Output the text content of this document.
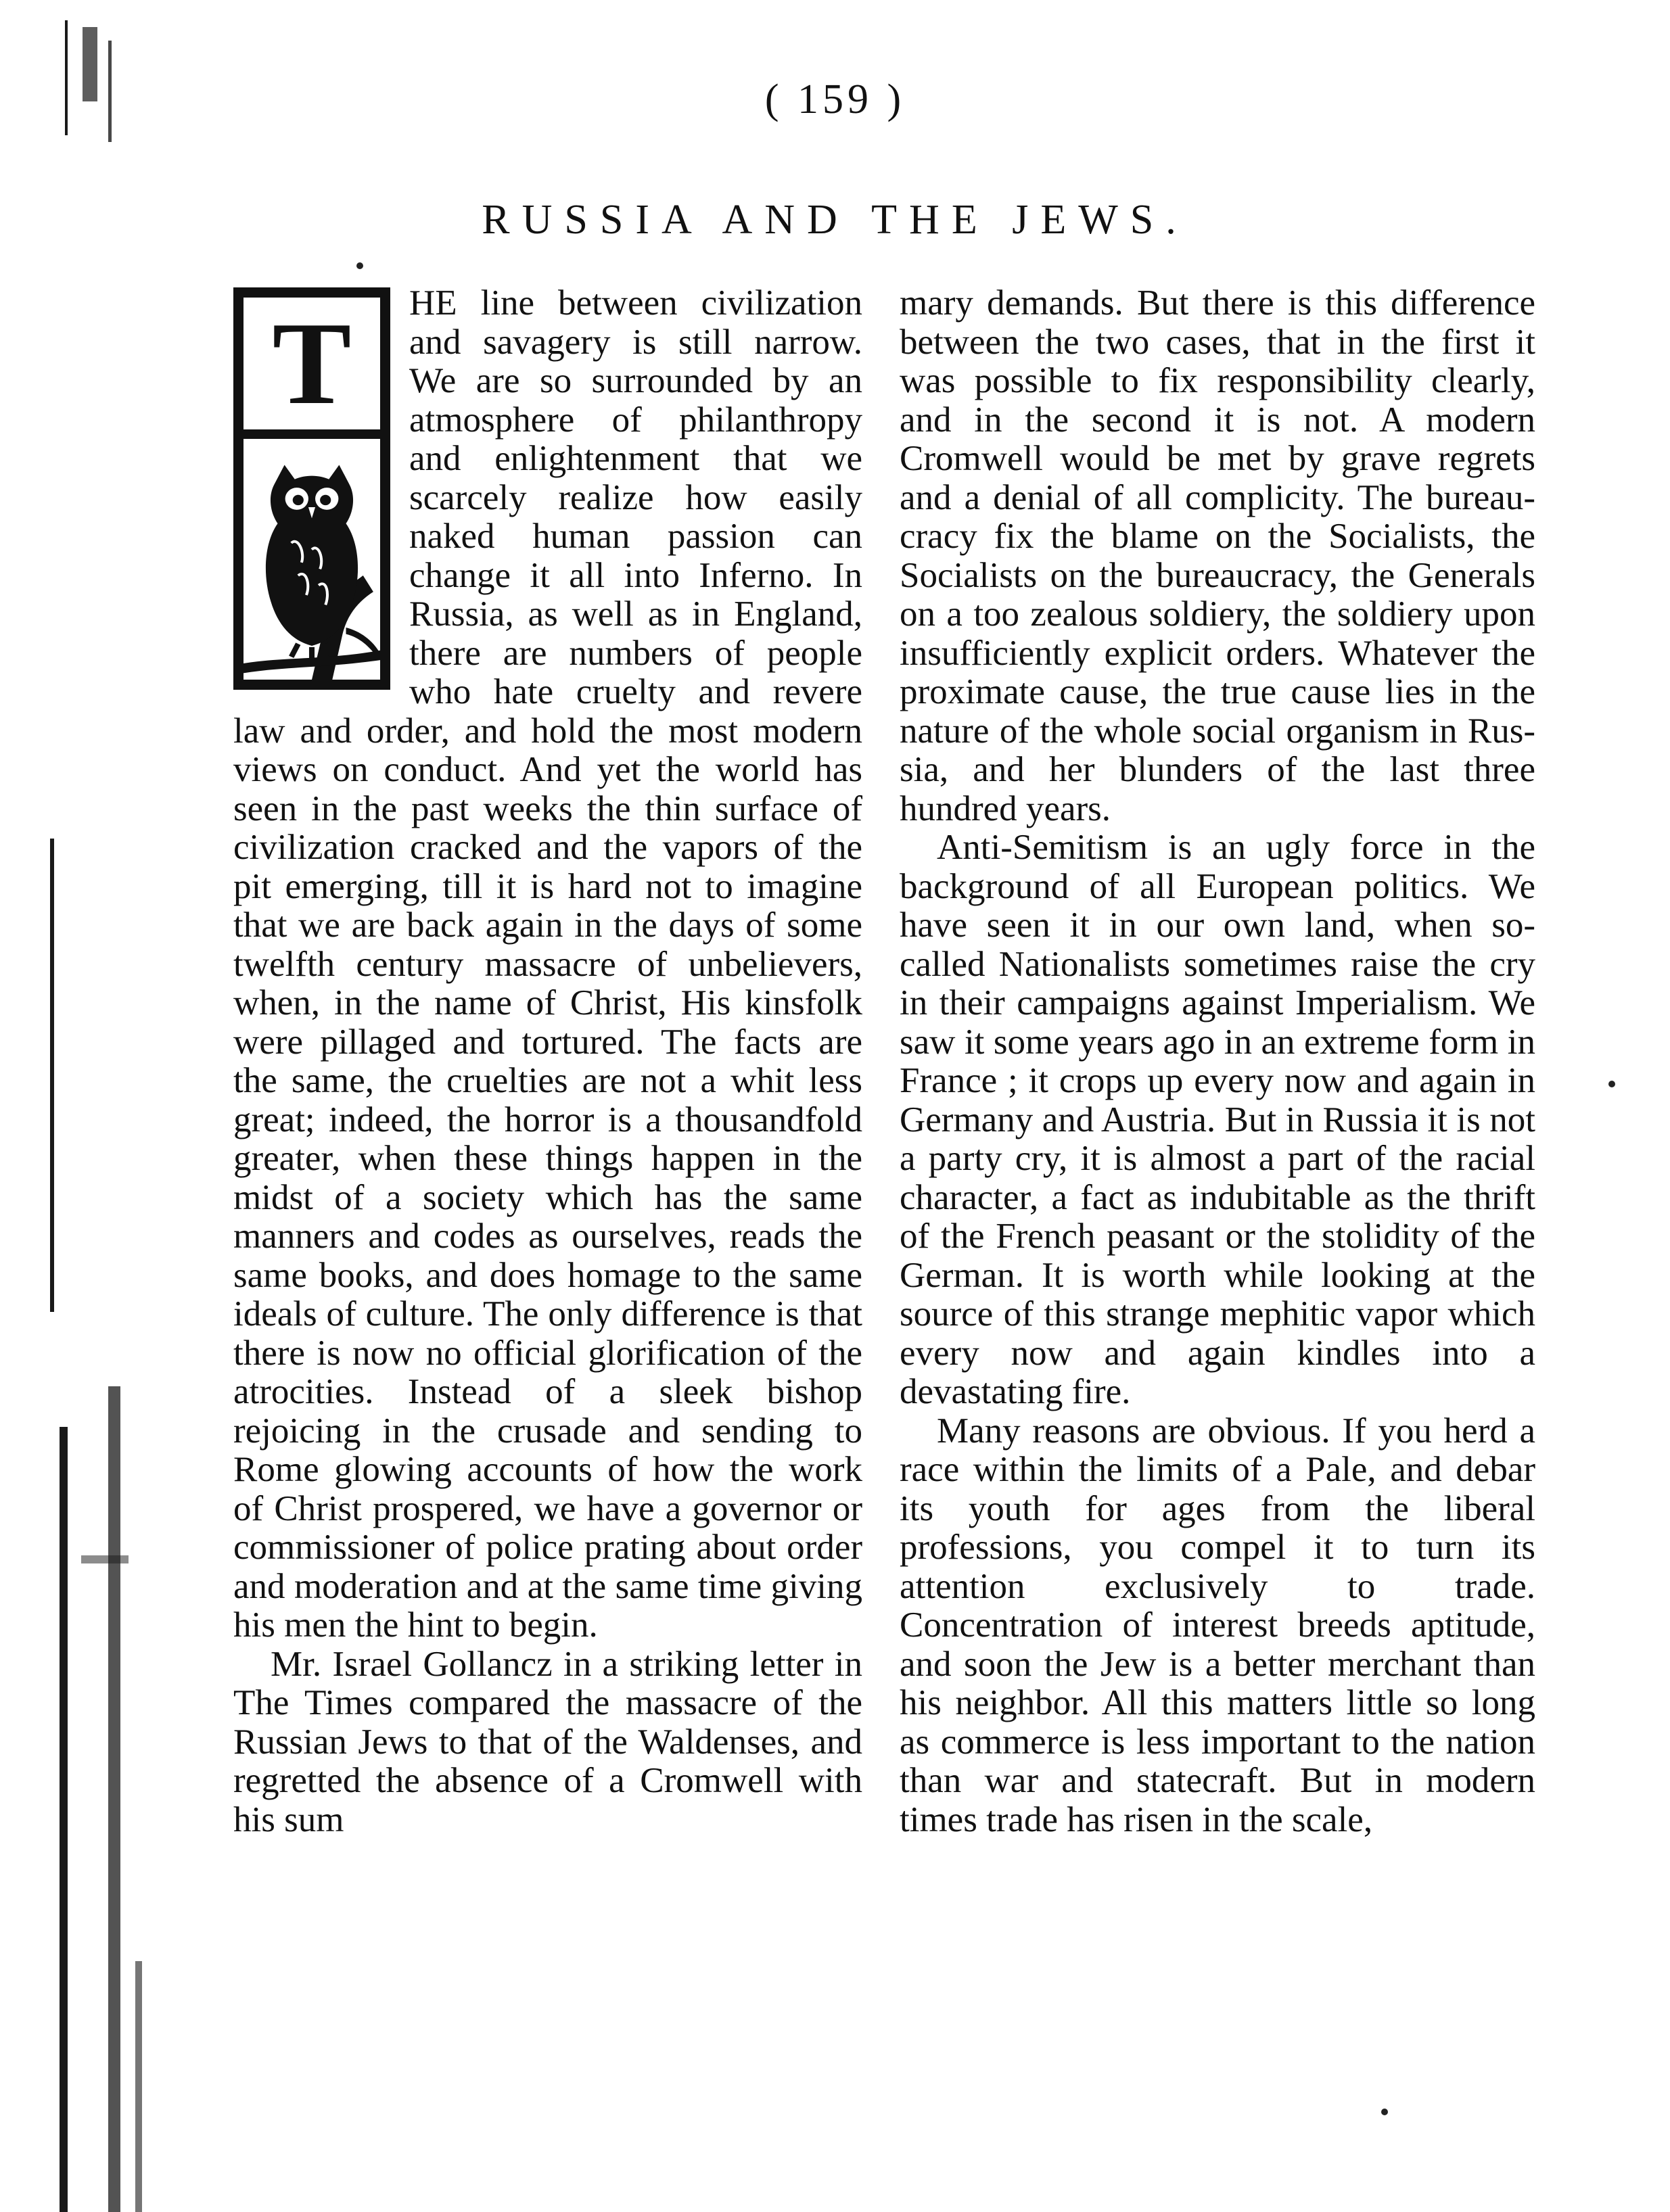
( 159 )
RUSSIA AND THE JEWS.
T	HE line between civilization and savagery is still narrow. We are so surrounded by an atmosphere of philanthropy and enlightenment that we scarcely realize how easily naked human passion can change it all into Inferno. In Russia, as well as in England, there are numbers of people who hate cruelty and revere law and order, and hold the most modern views on conduct. And yet the world has seen in the past weeks the thin surface of civilization cracked and the vapors of the pit emerging, till it is hard not to imagine that we are back again in the days of some twelfth century massacre of unbelievers, when, in the name of Christ, His kinsfolk were pillaged and tortured. The facts are the same, the cruelties are not a whit less great; indeed, the horror is a thousandfold greater, when these things happen in the midst of a society which has the same manners and codes as ourselves, reads the same books, and does homage to the same ideals of culture. The only difference is that there is now no official glorification of the atrocities. Instead of a sleek bishop rejoicing in the crusade and sending to Rome glowing accounts of how the work of Christ prospered, we have a governor or commissioner of police prating about order and moderation and at the same time giving his men the hint to begin.

Mr. Israel Gollancz in a striking letter in The Times compared the massacre of the Russian Jews to that of the Waldenses, and regretted the absence of a Cromwell with his sum

mary demands. But there is this difference between the two cases, that in the first it was possible to fix responsibility clearly, and in the second it is not. A modern Cromwell would be met by grave regrets and a denial of all complicity. The bureaucracy fix the blame on the Socialists, the Socialists on the bureaucracy, the Generals on a too zealous soldiery, the soldiery upon insufficiently explicit orders. Whatever the proximate cause, the true cause lies in the nature of the whole social organism in Russia, and her blunders of the last three hundred years.

Anti-Semitism is an ugly force in the background of all European politics. We have seen it in our own land, when so-called Nationalists sometimes raise the cry in their campaigns against Imperialism. We saw it some years ago in an extreme form in France ; it crops up every now and again in Germany and Austria. But in Russia it is not a party cry, it is almost a part of the racial character, a fact as indubitable as the thrift of the French peasant or the stolidity of the German. It is worth while looking at the source of this strange mephitic vapor which every now and again kindles into a devastating fire.

Many reasons are obvious. If you herd a race within the limits of a Pale, and debar its youth for ages from the liberal professions, you compel it to turn its attention exclusively to trade. Concentration of interest breeds aptitude, and soon the Jew is a better merchant than his neighbor. All this matters little so long as commerce is less important to the nation than war and statecraft. But in modern times trade has risen in the scale,
